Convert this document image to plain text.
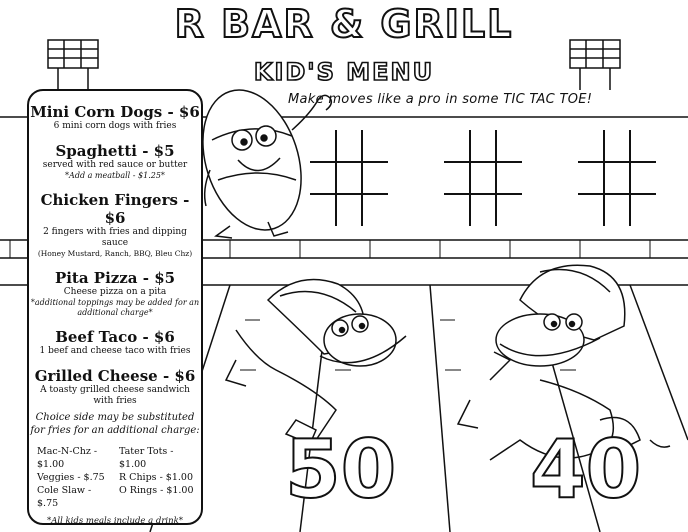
R BAR & GRILL
KID'S MENU
Make moves like a pro in some TIC TAC TOE!
50 40
Mini Corn Dogs - $6
6 mini corn dogs with fries
Spaghetti - $5
served with red sauce or butter
*Add a meatball - $1.25*
Chicken Fingers - $6
2 fingers with fries and dipping sauce
(Honey Mustard, Ranch, BBQ, Bleu Chz)
Pita Pizza - $5
Cheese pizza on a pita
*additional toppings may be added for an additional charge*
Beef Taco - $6
1 beef and cheese taco with fries
Grilled Cheese - $6
A toasty grilled cheese sandwich with fries
Choice side may be substituted for fries for an additional charge:
Mac-N-Chz - $1.00
Tater Tots - $1.00
Veggies - $.75	R Chips - $1.00
Cole Slaw - $.75
O Rings - $1.00
*All kids meals include a drink*
